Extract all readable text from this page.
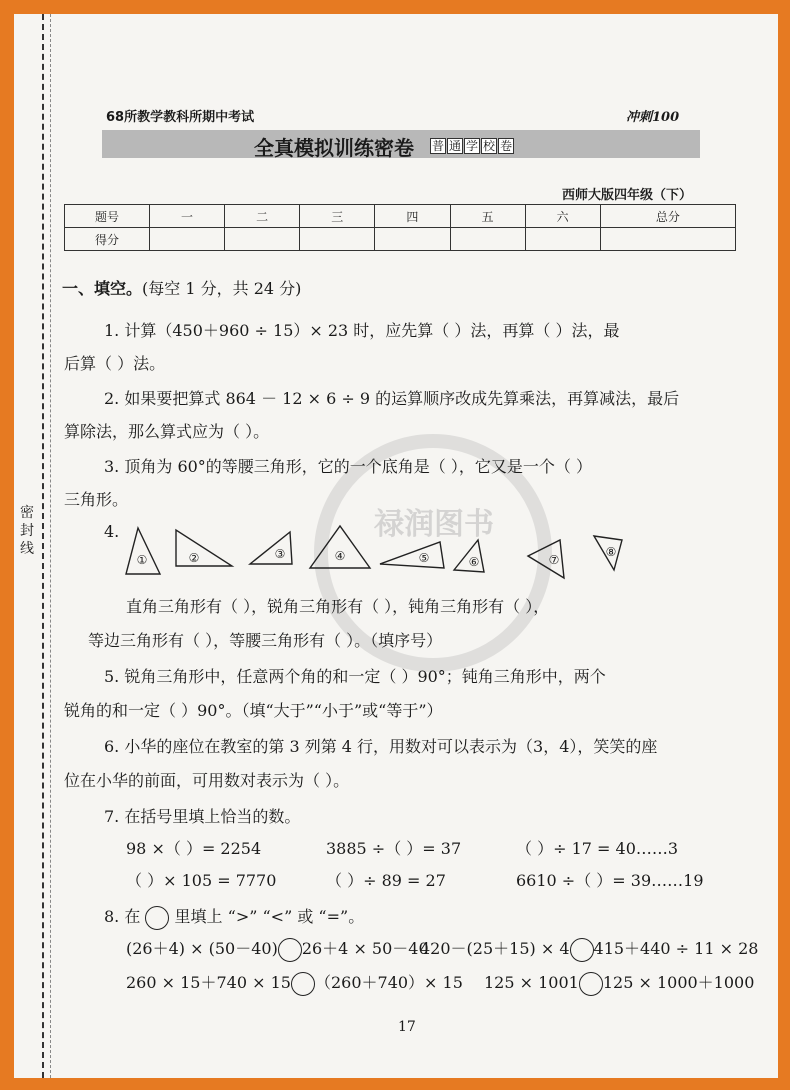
密封线
禄润图书
68所教学教科所期中考试	冲刺100
全真模拟训练密卷 普 通 学 校 卷
西师大版四年级（下）
题号	一	二	三	四	五	六	总分
得分							
一、填空。(每空 1 分，共 24 分)
1. 计算（450＋960 ÷ 15）× 23 时，应先算（ ）法，再算（ ）法，最
后算（ ）法。
2. 如果要把算式 864 － 12 × 6 ÷ 9 的运算顺序改成先算乘法，再算减法，最后
算除法，那么算式应为（ ）。
3. 顶角为 60°的等腰三角形，它的一个底角是（ ），它又是一个（ ）
三角形。
4.
①	②	③	④	⑤	⑥	⑦
⑧
直角三角形有（ ），锐角三角形有（ ），钝角三角形有（ ），
等边三角形有（ ），等腰三角形有（ ）。（填序号）
5. 锐角三角形中，任意两个角的和一定（ ）90°；钝角三角形中，两个
锐角的和一定（ ）90°。（填“大于”“小于”或“等于”）
6. 小华的座位在教室的第 3 列第 4 行，用数对可以表示为（3，4），笑笑的座
位在小华的前面，可用数对表示为（ ）。
7. 在括号里填上恰当的数。
98 ×（ ）= 2254	3885 ÷（ ）= 37	（ ）÷ 17 = 40……3
（ ）× 105 = 7770	（ ）÷ 89 = 27	6610 ÷（ ）= 39……19
8. 在 里填上 “>” “<” 或 “=”。
(26＋4) × (50－40) 26＋4 × 50－40
420－(25＋15) × 4 415＋440 ÷ 11 × 28
260 × 15＋740 × 15 （260＋740）× 15 125 × 1001 125 × 1000＋1000
17
